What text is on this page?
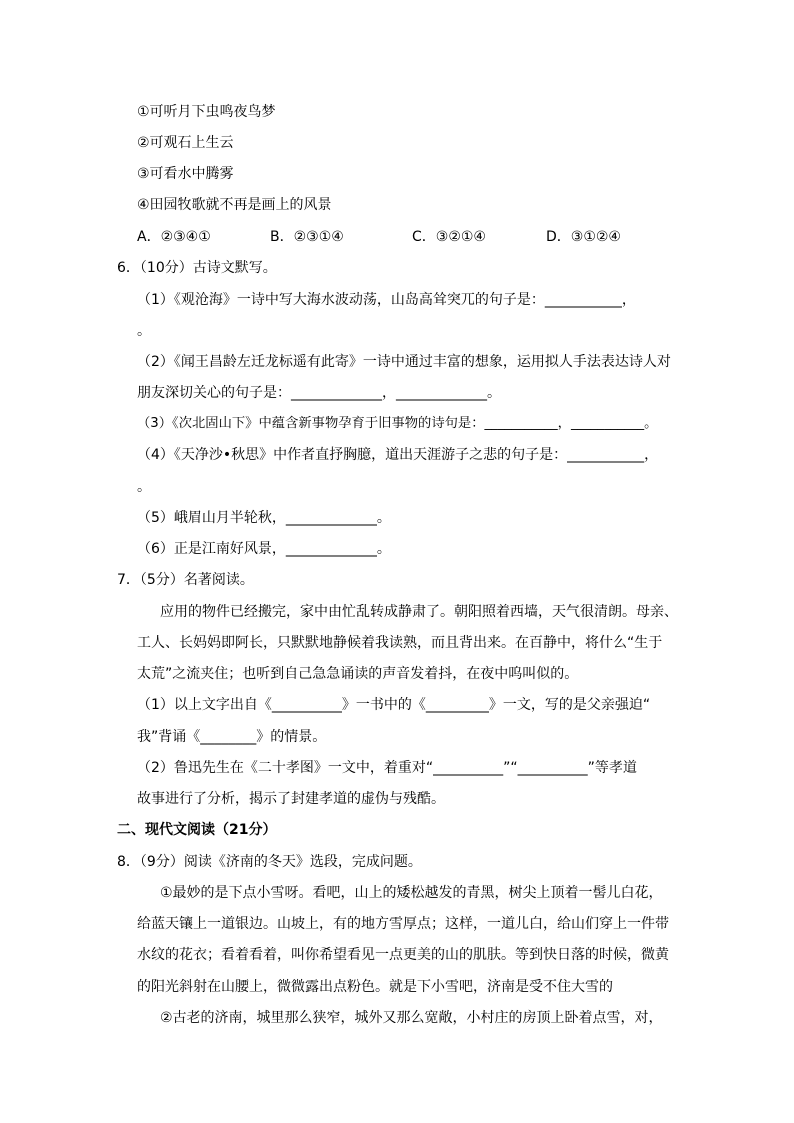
①可听月下虫鸣夜鸟梦
②可观石上生云
③可看水中腾雾
④田园牧歌就不再是画上的风景
A．②③④①	B．②③①④	C．③②①④	D．③①②④
6．（10分）古诗文默写。
（1）《观沧海》一诗中写大海水波动荡，山岛高耸突兀的句子是：___________，
。
（2）《闻王昌龄左迁龙标遥有此寄》一诗中通过丰富的想象，运用拟人手法表达诗人对
朋友深切关心的句子是：_____________，_____________。
（3）《次北固山下》中蕴含新事物孕育于旧事物的诗句是：___________，___________。
（4）《天净沙•秋思》中作者直抒胸臆，道出天涯游子之悲的句子是：___________，
。
（5）峨眉山月半轮秋，_____________。
（6）正是江南好风景，_____________。
7．（5分）名著阅读。
应用的物件已经搬完，家中由忙乱转成静肃了。朝阳照着西墙，天气很清朗。母亲、
工人、长妈妈即阿长，只默默地静候着我读熟，而且背出来。在百静中，将什么“生于
太荒”之流夹住；也听到自己急急诵读的声音发着抖，在夜中呜叫似的。
（1）以上文字出自《__________》一书中的《_________》一文，写的是父亲强迫“
我”背诵《________》的情景。
（2）鲁迅先生在《二十孝图》一文中，着重对“__________”“__________”等孝道
故事进行了分析，揭示了封建孝道的虚伪与残酷。
二、现代文阅读（21分）
8．（9分）阅读《济南的冬天》选段，完成问题。
①最妙的是下点小雪呀。看吧，山上的矮松越发的青黑，树尖上顶着一髻儿白花，
给蓝天镶上一道银边。山坡上，有的地方雪厚点；这样，一道儿白，给山们穿上一件带
水纹的花衣；看着看着，叫你希望看见一点更美的山的肌肤。等到快日落的时候，微黄
的阳光斜射在山腰上，微微露出点粉色。就是下小雪吧，济南是受不住大雪的
②古老的济南，城里那么狭窄，城外又那么宽敞，小村庄的房顶上卧着点雪，对，
